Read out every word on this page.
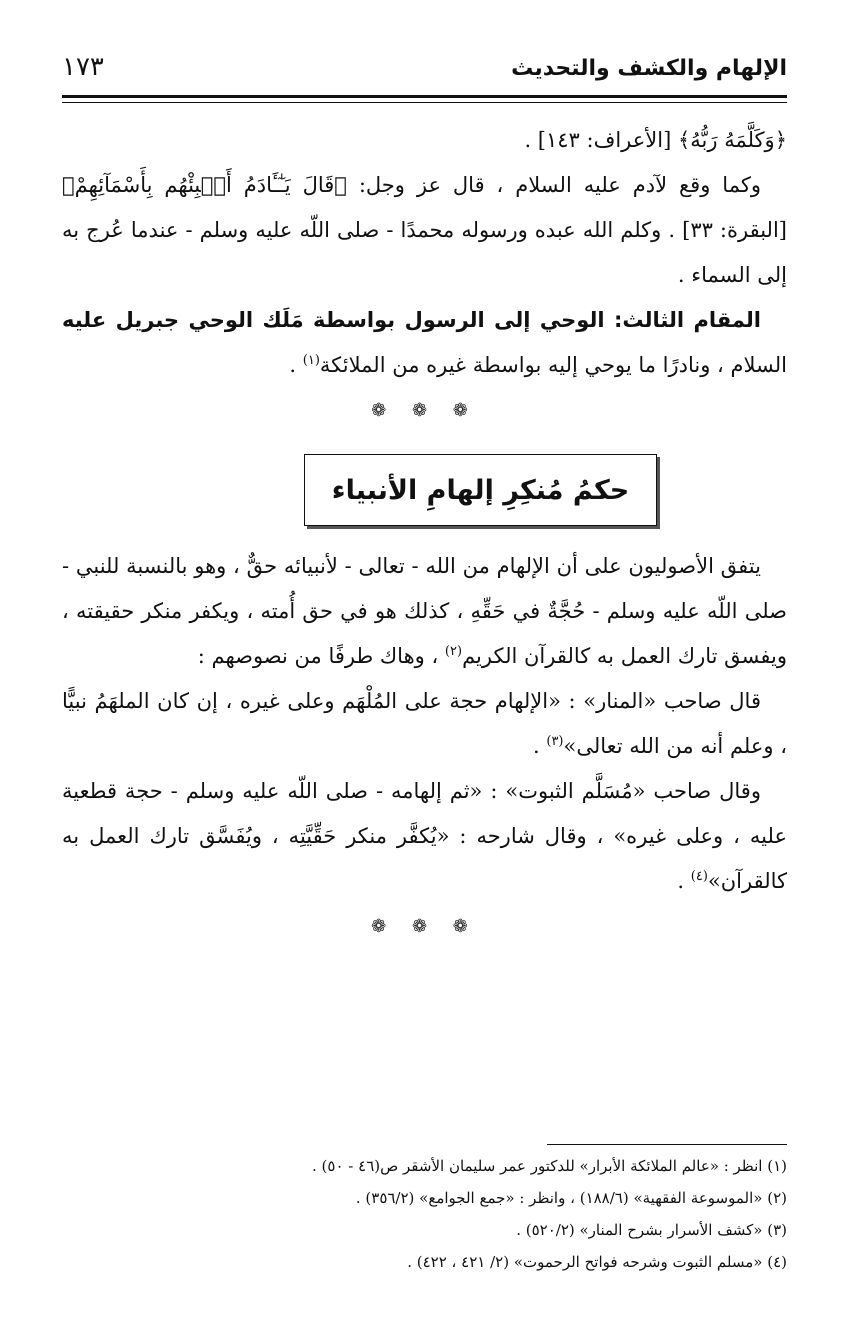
الإلهام والكشف والتحديث
١٧٣

﴿وَكَلَّمَهُ رَبُّهُ﴾ [الأعراف: ١٤٣] .

وكما وقع لآدم عليه السلام ، قال عز وجل: ﴿قَالَ يَـٰٓـَٔادَمُ أَنۢبِئْهُم بِأَسْمَآئِهِمْ﴾ [البقرة: ٣٣] . وكلم الله عبده ورسوله محمدًا - صلى اللّه عليه وسلم - عندما عُرج به إلى السماء .

المقام الثالث: الوحي إلى الرسول بواسطة مَلَك الوحي جبريل عليه السلام ، ونادرًا ما يوحي إليه بواسطة غيره من الملائكة$^{(١)}$ .

❁ ❁ ❁
حكمُ مُنكِرِ إلهامِ الأنبياء

يتفق الأصوليون على أن الإلهام من الله - تعالى - لأنبيائه حقٌّ ، وهو بالنسبة للنبي - صلى اللّه عليه وسلم - حُجَّةٌ في حَقِّهِ ، كذلك هو في حق أُمته ، ويكفر منكر حقيقته ، ويفسق تارك العمل به كالقرآن الكريم$^{(٢)}$ ، وهاك طرفًا من نصوصهم :

قال صاحب «المنار» : «الإلهام حجة على المُلْهَم وعلى غيره ، إن كان الملهَمُ نبيًّا ، وعلم أنه من الله تعالى»$^{(٣)}$ .

وقال صاحب «مُسَلَّم الثبوت» : «ثم إلهامه - صلى اللّه عليه وسلم - حجة قطعية عليه ، وعلى غيره» ، وقال شارحه : «يُكفَّر منكر حَقِّيَّتِه ، ويُفَسَّق تارك العمل به كالقرآن»$^{(٤)}$ .

❁ ❁ ❁
(١) انظر : «عالم الملائكة الأبرار» للدكتور عمر سليمان الأشقر ص(٤٦ - ٥٠) .
(٢) «الموسوعة الفقهية» (١٨٨/٦) ، وانظر : «جمع الجوامع» (٣٥٦/٢) .
(٣) «كشف الأسرار بشرح المنار» (٥٢٠/٢) .
(٤) «مسلم الثبوت وشرحه فواتح الرحموت» (٢/ ٤٢١ ، ٤٢٢) .
